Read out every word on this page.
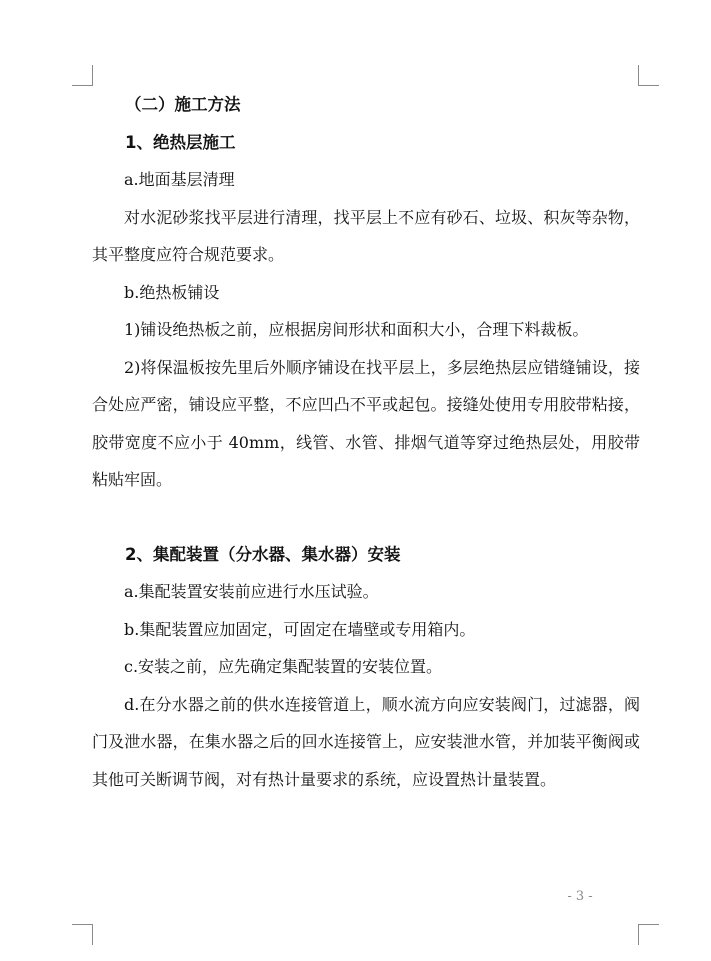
（二）施工方法

1、绝热层施工

a.地面基层清理

对水泥砂浆找平层进行清理，找平层上不应有砂石、垃圾、积灰等杂物，其平整度应符合规范要求。

b.绝热板铺设

1)铺设绝热板之前，应根据房间形状和面积大小，合理下料裁板。

2)将保温板按先里后外顺序铺设在找平层上，多层绝热层应错缝铺设，接合处应严密，铺设应平整，不应凹凸不平或起包。接缝处使用专用胶带粘接，胶带宽度不应小于 40mm，线管、水管、排烟气道等穿过绝热层处，用胶带粘贴牢固。

2、集配装置（分水器、集水器）安装

a.集配装置安装前应进行水压试验。

b.集配装置应加固定，可固定在墙壁或专用箱内。

c.安装之前，应先确定集配装置的安装位置。

d.在分水器之前的供水连接管道上，顺水流方向应安装阀门，过滤器，阀门及泄水器，在集水器之后的回水连接管上，应安装泄水管，并加装平衡阀或其他可关断调节阀，对有热计量要求的系统，应设置热计量装置。

- 3 -
